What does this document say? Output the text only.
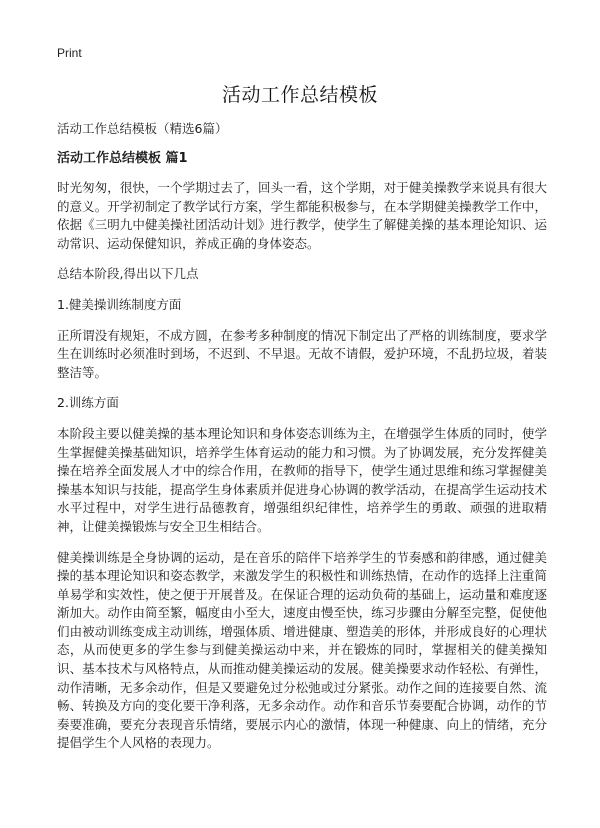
Print
活动工作总结模板

活动工作总结模板（精选6篇）

活动工作总结模板 篇1

时光匆匆，很快，一个学期过去了，回头一看，这个学期，对于健美操教学来说具有很大的意义。开学初制定了教学试行方案，学生都能积极参与，在本学期健美操教学工作中，依据《三明九中健美操社团活动计划》进行教学，使学生了解健美操的基本理论知识、运动常识、运动保健知识，养成正确的身体姿态。

总结本阶段,得出以下几点

1.健美操训练制度方面

正所谓没有规矩，不成方圆，在参考多种制度的情况下制定出了严格的训练制度，要求学生在训练时必须准时到场，不迟到、不早退。无故不请假，爱护环境，不乱扔垃圾，着装整洁等。

2.训练方面

本阶段主要以健美操的基本理论知识和身体姿态训练为主，在增强学生体质的同时，使学生掌握健美操基础知识，培养学生体育运动的能力和习惯。为了协调发展，充分发挥健美操在培养全面发展人才中的综合作用，在教师的指导下，使学生通过思维和练习掌握健美操基本知识与技能，提高学生身体素质并促进身心协调的教学活动，在提高学生运动技术水平过程中，对学生进行品德教育，增强组织纪律性，培养学生的勇敢、顽强的进取精神，让健美操锻炼与安全卫生相结合。

健美操训练是全身协调的运动，是在音乐的陪伴下培养学生的节奏感和韵律感，通过健美操的基本理论知识和姿态教学，来激发学生的积极性和训练热情，在动作的选择上注重简单易学和实效性，使之便于开展普及。在保证合理的运动负荷的基础上，运动量和难度逐渐加大。动作由简至繁，幅度由小至大，速度由慢至快，练习步骤由分解至完整，促使他们由被动训练变成主动训练，增强体质、增进健康、塑造美的形体，并形成良好的心理状态，从而使更多的学生参与到健美操运动中来，并在锻炼的同时，掌握相关的健美操知识、基本技术与风格特点，从而推动健美操运动的发展。健美操要求动作轻松、有弹性，动作清晰，无多余动作，但是又要避免过分松弛或过分紧张。动作之间的连接要自然、流畅、转换及方向的变化要干净利落，无多余动作。动作和音乐节奏要配合协调，动作的节奏要准确，要充分表现音乐情绪，要展示内心的激情，体现一种健康、向上的情绪，充分提倡学生个人风格的表现力。
